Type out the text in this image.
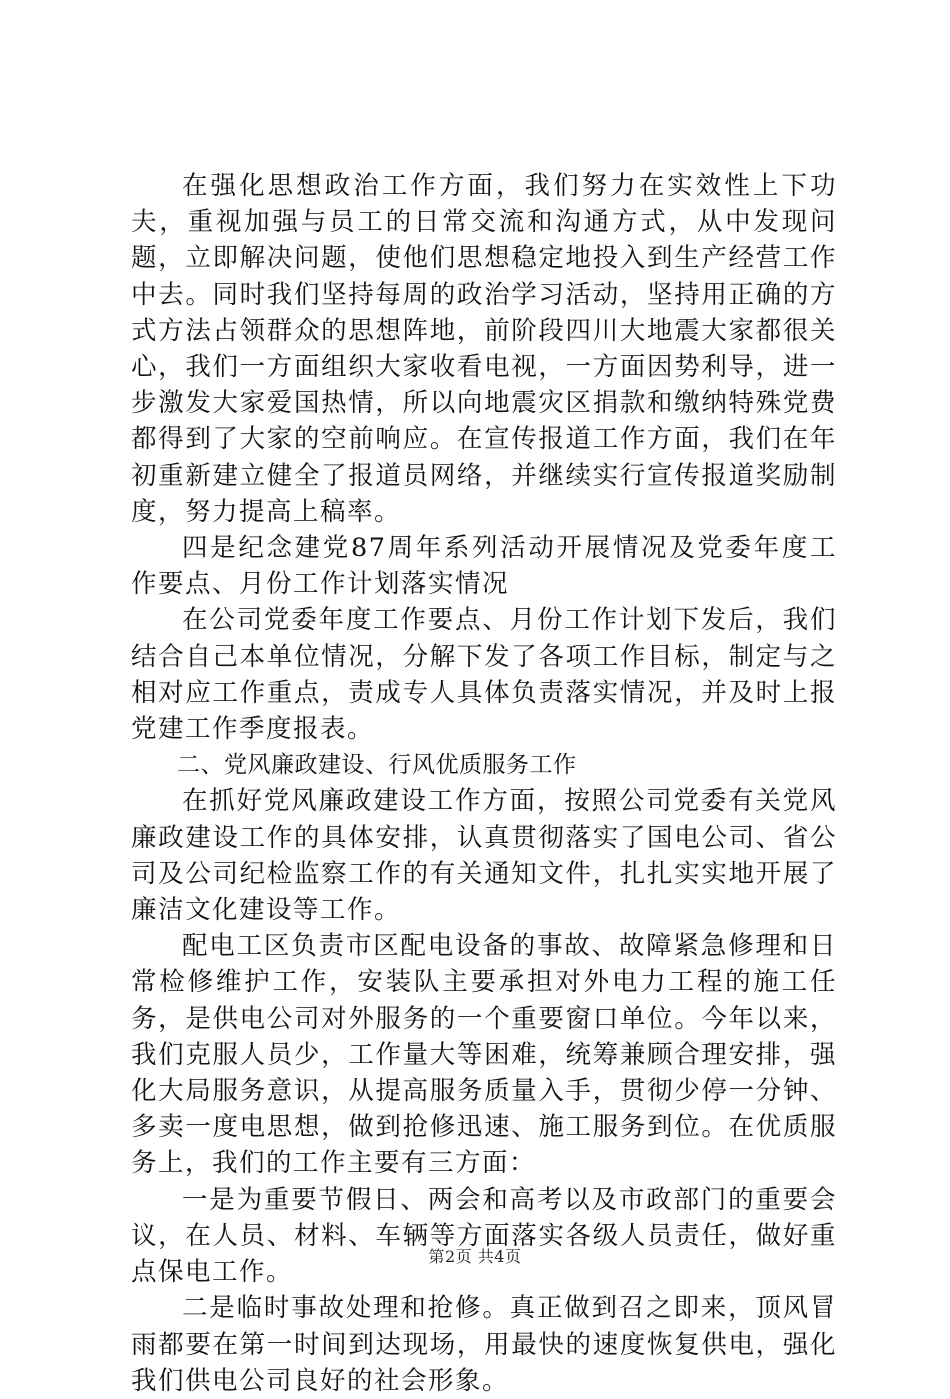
在强化思想政治工作方面，我们努力在实效性上下功夫，重视加强与员工的日常交流和沟通方式，从中发现问题，立即解决问题，使他们思想稳定地投入到生产经营工作中去。同时我们坚持每周的政治学习活动，坚持用正确的方式方法占领群众的思想阵地，前阶段四川大地震大家都很关心，我们一方面组织大家收看电视，一方面因势利导，进一步激发大家爱国热情，所以向地震灾区捐款和缴纳特殊党费都得到了大家的空前响应。在宣传报道工作方面，我们在年初重新建立健全了报道员网络，并继续实行宣传报道奖励制度，努力提高上稿率。

四是纪念建党87周年系列活动开展情况及党委年度工作要点、月份工作计划落实情况

在公司党委年度工作要点、月份工作计划下发后，我们结合自己本单位情况，分解下发了各项工作目标，制定与之相对应工作重点，责成专人具体负责落实情况，并及时上报党建工作季度报表。

二、党风廉政建设、行风优质服务工作

在抓好党风廉政建设工作方面，按照公司党委有关党风廉政建设工作的具体安排，认真贯彻落实了国电公司、省公司及公司纪检监察工作的有关通知文件，扎扎实实地开展了廉洁文化建设等工作。

配电工区负责市区配电设备的事故、故障紧急修理和日常检修维护工作，安装队主要承担对外电力工程的施工任务，是供电公司对外服务的一个重要窗口单位。今年以来，我们克服人员少，工作量大等困难，统筹兼顾合理安排，强化大局服务意识，从提高服务质量入手，贯彻少停一分钟、多卖一度电思想，做到抢修迅速、施工服务到位。在优质服务上，我们的工作主要有三方面：

一是为重要节假日、两会和高考以及市政部门的重要会议，在人员、材料、车辆等方面落实各级人员责任，做好重点保电工作。

二是临时事故处理和抢修。真正做到召之即来，顶风冒雨都要在第一时间到达现场，用最快的速度恢复供电，强化我们供电公司良好的社会形象。

第2页 共4页
